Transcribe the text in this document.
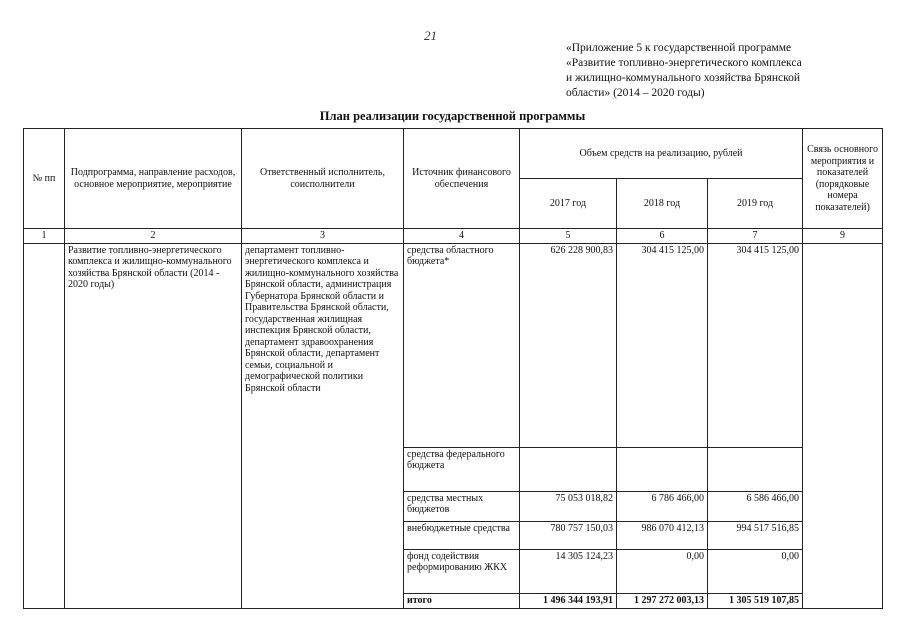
21
«Приложение 5 к государственной программе
«Развитие топливно-энергетического комплекса
и жилищно-коммунального хозяйства Брянской
области» (2014 – 2020 годы)
План реализации государственной программы
№ пп	Подпрограмма, направление расходов, основное мероприятие, мероприятие	Ответственный исполнитель, соисполнители	Источник финансового обеспечения	Объем средств на реализацию, рублей			Связь основного мероприятия и показателей (порядковые номера показателей)
				2017 год	2018 год	2019 год	
1	2	3	4	5	6	7	9
	Развитие топливно-энергетического комплекса и жилищно-коммунального хозяйства Брянской области (2014 - 2020 годы)	департамент топливно-энергетического комплекса и жилищно-коммунального хозяйства Брянской области, администрация Губернатора Брянской области и Правительства Брянской области, государственная жилищная инспекция Брянской области, департамент здравоохранения Брянской области, департамент семьи, социальной и демографической политики Брянской области	средства областного бюджета*	626 228 900,83	304 415 125,00	304 415 125,00	
			средства федерального бюджета				
			средства местных бюджетов	75 053 018,82	6 786 466,00	6 586 466,00	
			внебюджетные средства	780 757 150,03	986 070 412,13	994 517 516,85	
			фонд содействия реформированию ЖКХ	14 305 124,23	0,00	0,00	
			итого	1 496 344 193,91	1 297 272 003,13	1 305 519 107,85	
